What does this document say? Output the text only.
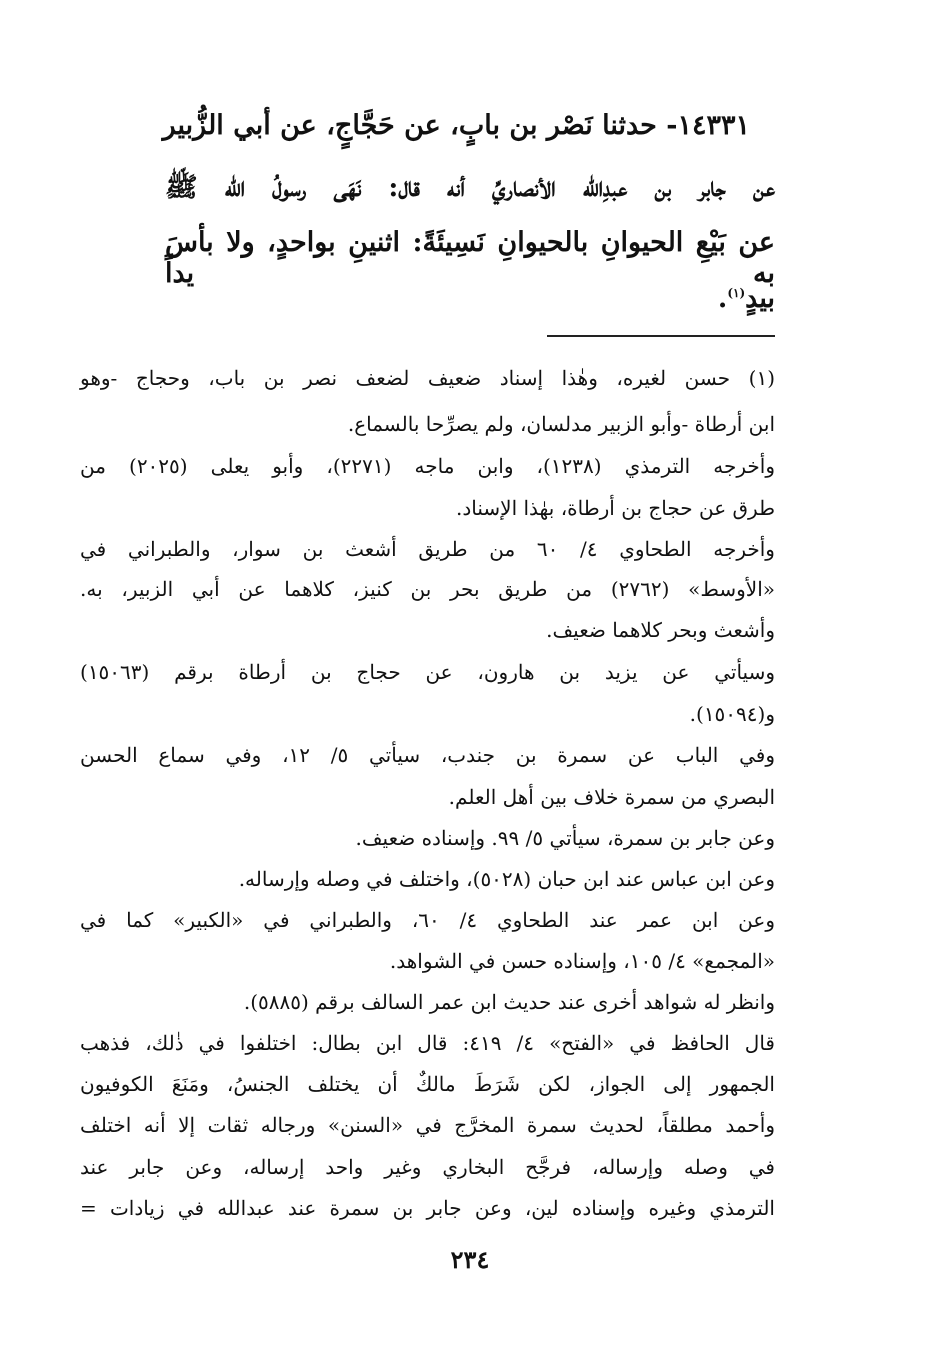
١٤٣٣١- حدثنا نَصْر بن بابٍ، عن حَجَّاجٍ، عن أبي الزُّبير
عن جابر بن عبدِالله الأنصاريِّ أنه قال: نَهَى رسولُ الله ﷺ
عن بَيْعِ الحيوانِ بالحيوانِ نَسِيئَةً: اثنينِ بواحدٍ، ولا بأسَ به يداً
بيدٍ$^{(١)}$.
(١) حسن لغيره، وهٰذا إسناد ضعيف لضعف نصر بن باب، وحجاج -وهو
ابن أرطاة -وأبو الزبير مدلسان، ولم يصرِّحا بالسماع.
وأخرجه الترمذي (١٢٣٨)، وابن ماجه (٢٢٧١)، وأبو يعلى (٢٠٢٥) من
طرق عن حجاج بن أرطاة، بهٰذا الإسناد.
وأخرجه الطحاوي ٤/ ٦٠ من طريق أشعث بن سوار، والطبراني في
«الأوسط» (٢٧٦٢) من طريق بحر بن كنيز، كلاهما عن أبي الزبير، به.
وأشعث وبحر كلاهما ضعيف.
وسيأتي عن يزيد بن هارون، عن حجاج بن أرطاة برقم (١٥٠٦٣)
و(١٥٠٩٤).
وفي الباب عن سمرة بن جندب، سيأتي ٥/ ١٢، وفي سماع الحسن
البصري من سمرة خلاف بين أهل العلم.
وعن جابر بن سمرة، سيأتي ٥/ ٩٩. وإسناده ضعيف.
وعن ابن عباس عند ابن حبان (٥٠٢٨)، واختلف في وصله وإرساله.
وعن ابن عمر عند الطحاوي ٤/ ٦٠، والطبراني في «الكبير» كما في
«المجمع» ٤/ ١٠٥، وإسناده حسن في الشواهد.
وانظر له شواهد أخرى عند حديث ابن عمر السالف برقم (٥٨٨٥).
قال الحافظ في «الفتح» ٤/ ٤١٩: قال ابن بطال: اختلفوا في ذٰلك، فذهب
الجمهور إلى الجواز، لكن شَرَطَ مالكٌ أن يختلف الجنسُ، ومَنَعَ الكوفيون
وأحمد مطلقاً، لحديث سمرة المخرَّج في «السنن» ورجاله ثقات إلا أنه اختلف
في وصله وإرساله، فرجَّح البخاري وغير واحد إرساله، وعن جابر عند
الترمذي وغيره وإسناده لين، وعن جابر بن سمرة عند عبدالله في زيادات =
٢٣٤
